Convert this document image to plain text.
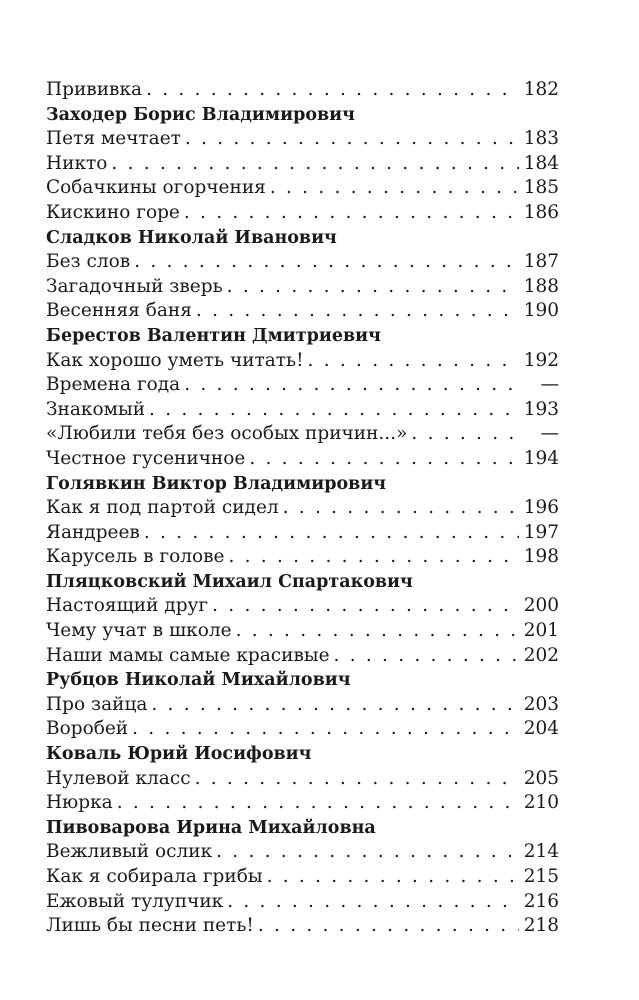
Прививка . . .	182
Заходер Борис Владимирович
Петя мечтает . . .	183
Никто . . .	184
Собачкины огорчения . . .	185
Кискино горе . . .	186
Сладков Николай Иванович
Без слов . . .	187
Загадочный зверь . . .	188
Весенняя баня . . .	190
Берестов Валентин Дмитриевич
Как хорошо уметь читать! . . .	192
Времена года . . .	—
Знакомый . . .	193
«Любили тебя без особых причин...» . . .	—
Честное гусеничное . . .	194
Голявкин Виктор Владимирович
Как я под партой сидел . . .	196
Яандреев . . .	197
Карусель в голове . . .	198
Пляцковский Михаил Спартакович
Настоящий друг . . .	200
Чему учат в школе . . .	201
Наши мамы самые красивые . . .	202
Рубцов Николай Михайлович
Про зайца . . .	203
Воробей . . .	204
Коваль Юрий Иосифович
Нулевой класс . . .	205
Нюрка . . .	210
Пивоварова Ирина Михайловна
Вежливый ослик . . .	214
Как я собирала грибы . . .	215
Ежовый тулупчик . . .	216
Лишь бы песни петь! . . .	218
